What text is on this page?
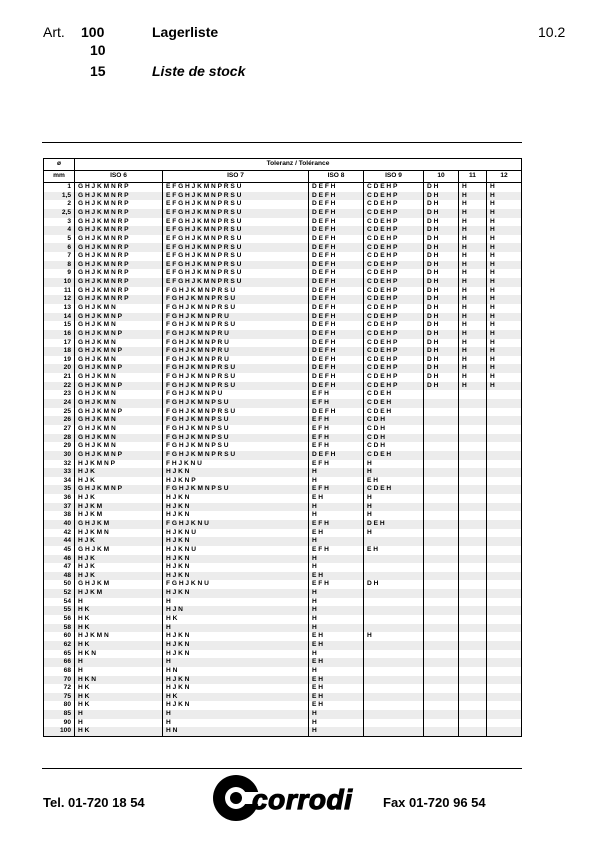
Art. 100
10
15
Lagerliste
Liste de stock
10.2
ø	Toleranz / Tolérance						
mm	ISO 6	ISO 7	ISO 8	ISO 9	10	11	12
1	G H J K M N R P	E F G H J K M N P R S U	D E F H	C D E H P	D H	H	H
1,5	G H J K M N R P	E F G H J K M N P R S U	D E F H	C D E H P	D H	H	H
2	G H J K M N R P	E F G H J K M N P R S U	D E F H	C D E H P	D H	H	H
2,5	G H J K M N R P	E F G H J K M N P R S U	D E F H	C D E H P	D H	H	H
3	G H J K M N R P	E F G H J K M N P R S U	D E F H	C D E H P	D H	H	H
4	G H J K M N R P	E F G H J K M N P R S U	D E F H	C D E H P	D H	H	H
5	G H J K M N R P	E F G H J K M N P R S U	D E F H	C D E H P	D H	H	H
6	G H J K M N R P	E F G H J K M N P R S U	D E F H	C D E H P	D H	H	H
7	G H J K M N R P	E F G H J K M N P R S U	D E F H	C D E H P	D H	H	H
8	G H J K M N R P	E F G H J K M N P R S U	D E F H	C D E H P	D H	H	H
9	G H J K M N R P	E F G H J K M N P R S U	D E F H	C D E H P	D H	H	H
10	G H J K M N R P	E F G H J K M N P R S U	D E F H	C D E H P	D H	H	H
11	G H J K M N R P	F G H J K M N P R S U	D E F H	C D E H P	D H	H	H
12	G H J K M N R P	F G H J K M N P R S U	D E F H	C D E H P	D H	H	H
13	G H J K M N	F G H J K M N P R S U	D E F H	C D E H P	D H	H	H
14	G H J K M N P	F G H J K M N P R U	D E F H	C D E H P	D H	H	H
15	G H J K M N	F G H J K M N P R S U	D E F H	C D E H P	D H	H	H
16	G H J K M N P	F G H J K M N P R U	D E F H	C D E H P	D H	H	H
17	G H J K M N	F G H J K M N P R U	D E F H	C D E H P	D H	H	H
18	G H J K M N P	F G H J K M N P R U	D E F H	C D E H P	D H	H	H
19	G H J K M N	F G H J K M N P R U	D E F H	C D E H P	D H	H	H
20	G H J K M N P	F G H J K M N P R S U	D E F H	C D E H P	D H	H	H
21	G H J K M N	F G H J K M N P R S U	D E F H	C D E H P	D H	H	H
22	G H J K M N P	F G H J K M N P R S U	D E F H	C D E H P	D H	H	H
23	G H J K M N	F G H J K M N P U	E F H	C D E H			
24	G H J K M N	F G H J K M N P S U	E F H	C D E H			
25	G H J K M N P	F G H J K M N P R S U	D E F H	C D E H			
26	G H J K M N	F G H J K M N P S U	E F H	C D H			
27	G H J K M N	F G H J K M N P S U	E F H	C D H			
28	G H J K M N	F G H J K M N P S U	E F H	C D H			
29	G H J K M N	F G H J K M N P S U	E F H	C D H			
30	G H J K M N P	F G H J K M N P R S U	D E F H	C D E H			
32	H J K M N P	F H J K N U	E F H	H			
33	H J K	H J K N	H	H			
34	H J K	H J K N P	H	E H			
35	G H J K M N P	F G H J K M N P S U	E F H	C D E H			
36	H J K	H J K N	E H	H			
37	H J K M	H J K N	H	H			
38	H J K M	H J K N	H	H			
40	G H J K M	F G H J K N U	E F H	D E H			
42	H J K M N	H J K N U	E H	H			
44	H J K	H J K N	H				
45	G H J K M	H J K N U	E F H	E H			
46	H J K	H J K N	H				
47	H J K	H J K N	H				
48	H J K	H J K N	E H				
50	G H J K M	F G H J K N U	E F H	D H			
52	H J K M	H J K N	H				
54	H	H	H				
55	H K	H J N	H				
56	H K	H K	H				
58	H K	H	H				
60	H J K M N	H J K N	E H	H			
62	H K	H J K N	E H				
65	H K N	H J K N	H				
66	H	H	E H				
68	H	H N	H				
70	H K N	H J K N	E H				
72	H K	H J K N	E H				
75	H K	H K	E H				
80	H K	H J K N	E H				
85	H	H	H				
90	H	H	H				
100	H K	H N	H				
Tel. 01-720 18 54	corrodi Fax 01-720 96 54
